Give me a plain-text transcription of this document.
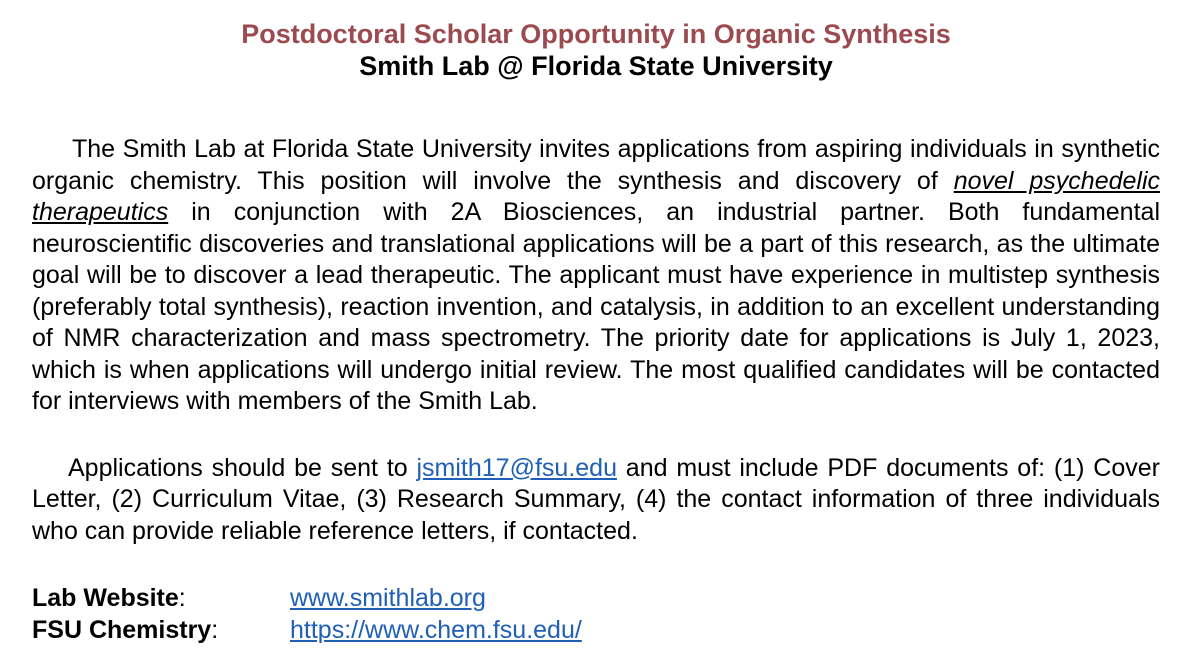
Postdoctoral Scholar Opportunity in Organic Synthesis
Smith Lab @ Florida State University

The Smith Lab at Florida State University invites applications from aspiring individuals in synthetic organic chemistry. This position will involve the synthesis and discovery of novel psychedelic therapeutics in conjunction with 2A Biosciences, an industrial partner. Both fundamental neuroscientific discoveries and translational applications will be a part of this research, as the ultimate goal will be to discover a lead therapeutic. The applicant must have experience in multistep synthesis (preferably total synthesis), reaction invention, and catalysis, in addition to an excellent understanding of NMR characterization and mass spectrometry. The priority date for applications is July 1, 2023, which is when applications will undergo initial review. The most qualified candidates will be contacted for interviews with members of the Smith Lab.

Applications should be sent to jsmith17@fsu.edu and must include PDF documents of: (1) Cover Letter, (2) Curriculum Vitae, (3) Research Summary, (4) the contact information of three individuals who can provide reliable reference letters, if contacted.

Lab Website:	www.smithlab.org
FSU Chemistry:	https://www.chem.fsu.edu/
